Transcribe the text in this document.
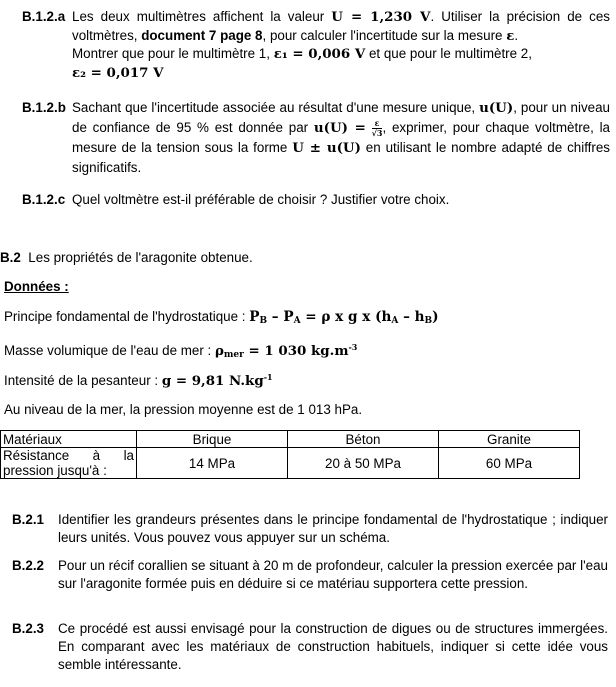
B.1.2.a Les deux multimètres affichent la valeur U = 1,230 V. Utiliser la précision de ces voltmètres, document 7 page 8, pour calculer l'incertitude sur la mesure ε.

Montrer que pour le multimètre 1, ε₁ = 0,006 V et que pour le multimètre 2,

ε₂ = 0,017 V

B.1.2.b Sachant que l'incertitude associée au résultat d'une mesure unique, u(U), pour un niveau de confiance de 95 % est donnée par $u(U) = \frac{\varepsilon}{√3}$ , exprimer, pour chaque voltmètre, la mesure de la tension sous la forme U ± u(U) en utilisant le nombre adapté de chiffres significatifs.

B.1.2.c Quel voltmètre est-il préférable de choisir ? Justifier votre choix.

B.2 Les propriétés de l'aragonite obtenue.
Données :
Principe fondamental de l'hydrostatique : $P_B - P_A = \rho$ x g x $(h_A - h_B)$
Masse volumique de l'eau de mer : $\rho_{mer} = 1$ 030 $kg.m^{-3}$
Intensité de la pesanteur : g = 9,81 $N.kg^{-1}$
Au niveau de la mer, la pression moyenne est de 1 013 hPa.
Matériaux	Brique	Béton	Granite

Résistance à la
pression jusqu'à :	14 MPa	20 à 50 MPa	60 MPa
B.2.1 Identifier les grandeurs présentes dans le principe fondamental de l'hydrostatique ; indiquer leurs unités. Vous pouvez vous appuyer sur un schéma.
B.2.2 Pour un récif corallien se situant à 20 m de profondeur, calculer la pression exercée par l'eau sur l'aragonite formée puis en déduire si ce matériau supportera cette pression.
B.2.3 Ce procédé est aussi envisagé pour la construction de digues ou de structures immergées. En comparant avec les matériaux de construction habituels, indiquer si cette idée vous semble intéressante.
